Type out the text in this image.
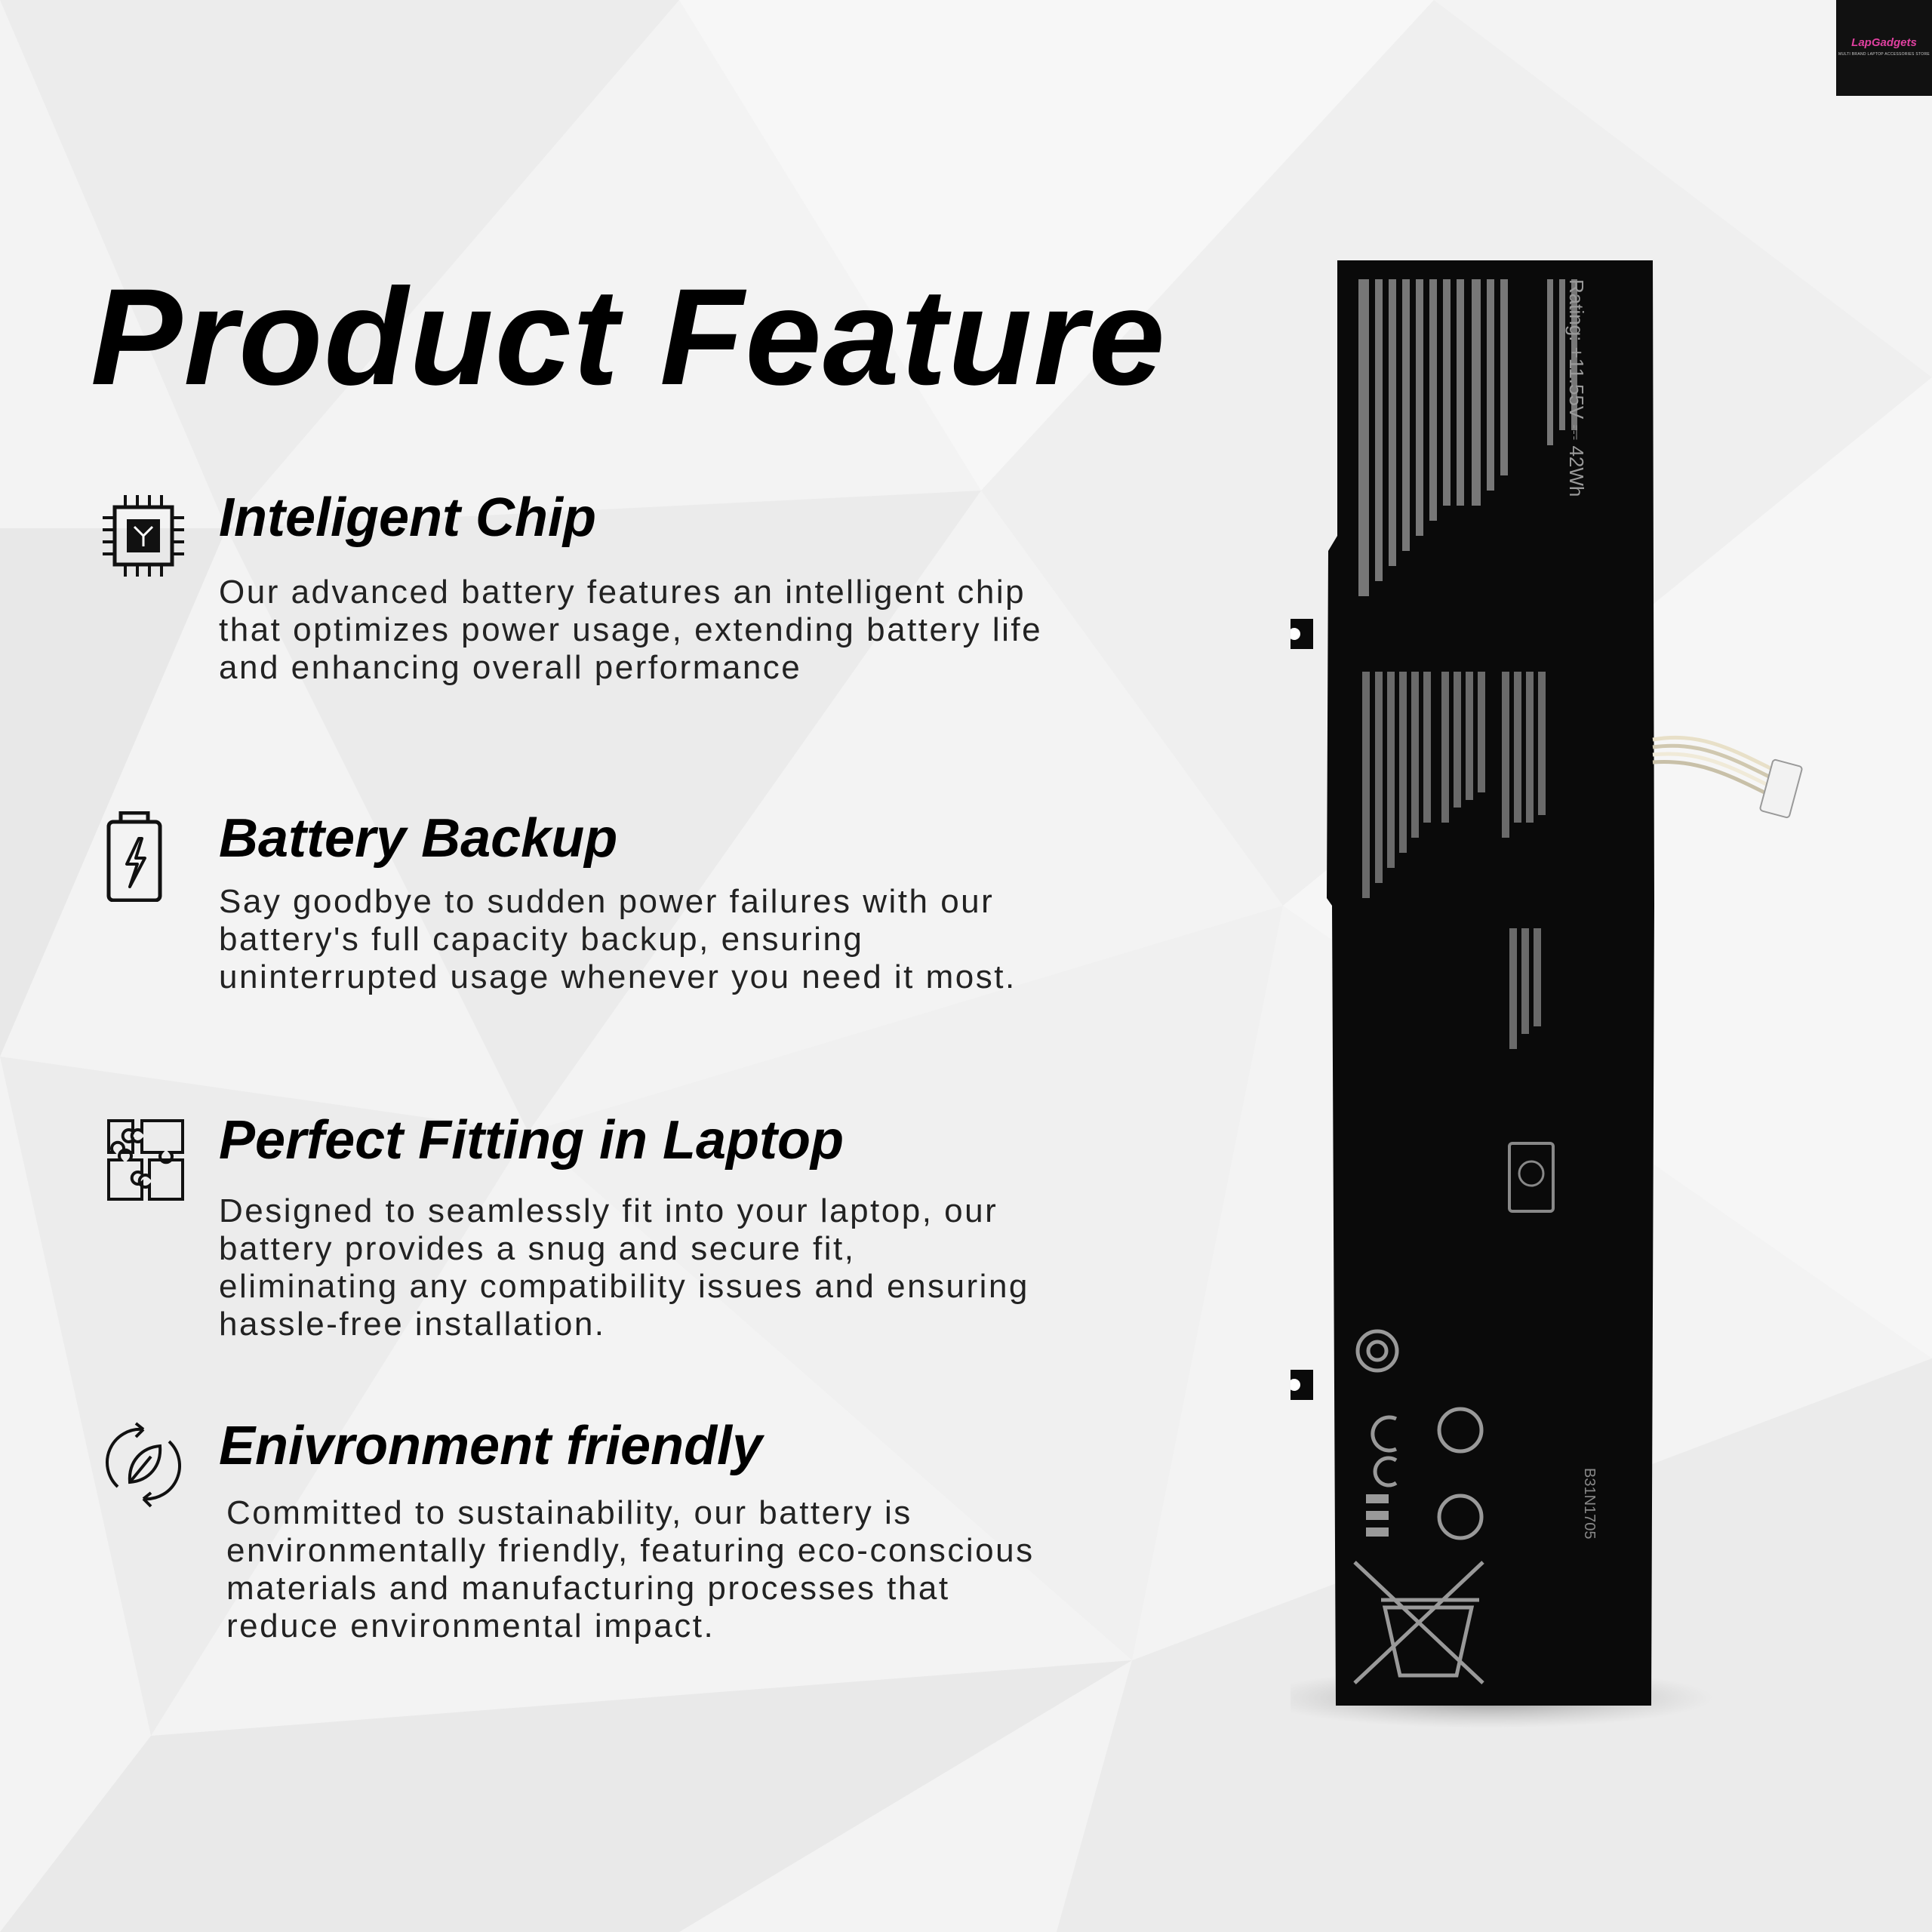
Product Feature
Inteligent Chip

Our advanced battery features an intelligent chip
that optimizes power usage, extending battery life
and enhancing overall performance

Battery Backup

Say goodbye to sudden power failures with our
battery's full capacity backup, ensuring
uninterrupted usage whenever you need it most.

Perfect Fitting in Laptop

Designed to seamlessly fit into your laptop, our
battery provides a snug and secure fit,
eliminating any compatibility issues and ensuring
hassle-free installation.

Enivronment friendly

Committed to sustainability, our battery is
environmentally friendly, featuring eco-conscious
materials and manufacturing processes that
reduce environmental impact.

Rating: +11.55V ⎓ 42Wh
B31N1705
LapGadgets
MULTI BRAND LAPTOP ACCESSORIES STORE
